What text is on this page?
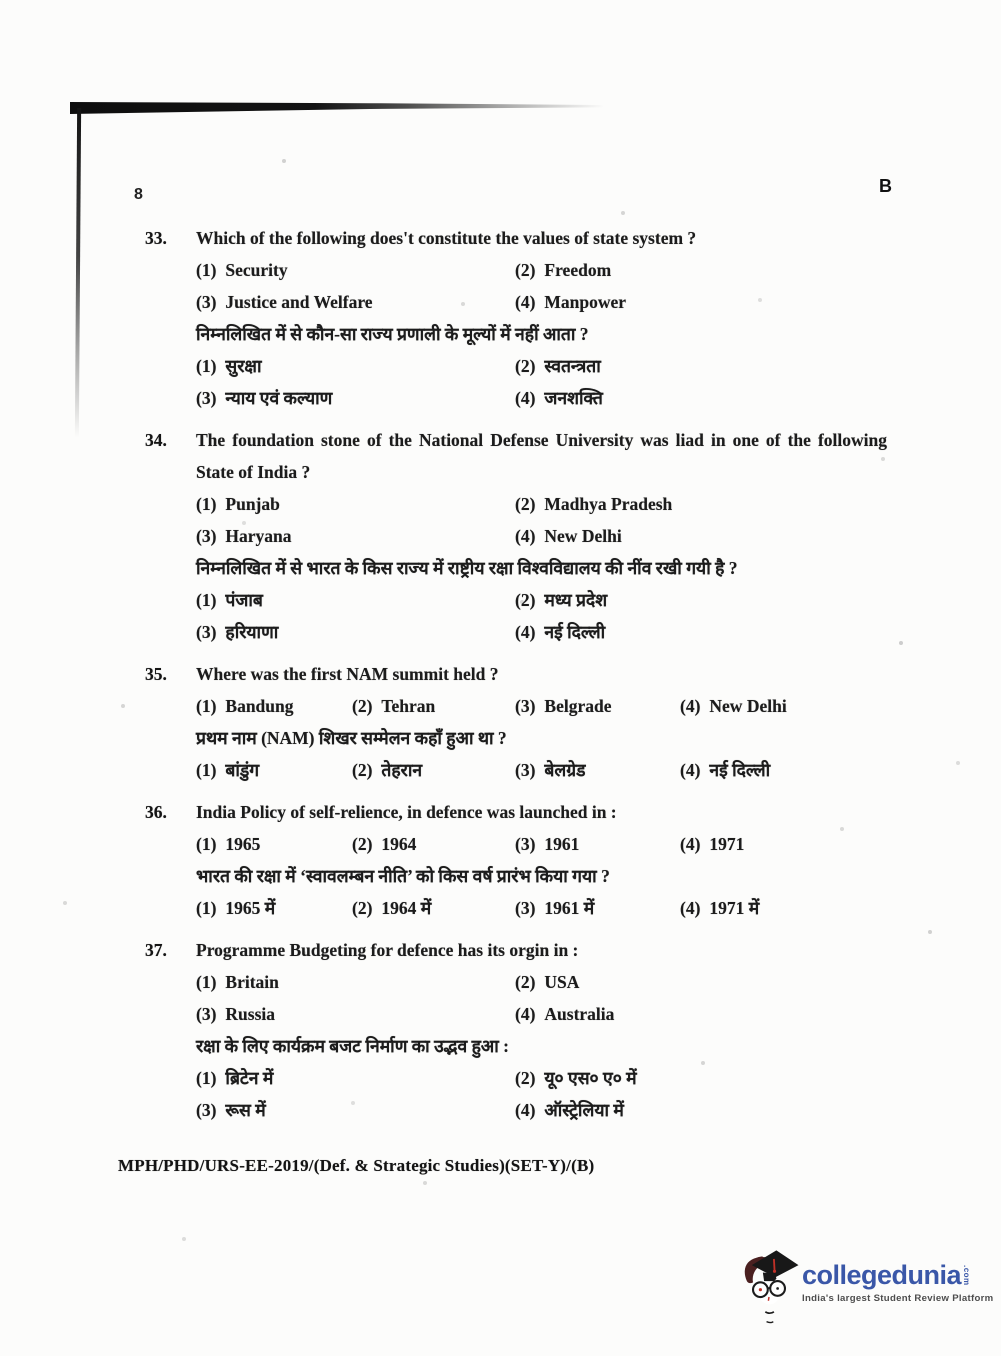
8	B
33.	Which of the following does't constitute the values of state system ?
(1) Security	(2) Freedom
(3) Justice and Welfare	(4) Manpower
निम्नलिखित में से कौन-सा राज्य प्रणाली के मूल्यों में नहीं आता ?
(1) सुरक्षा	(2) स्वतन्त्रता
(3) न्याय एवं कल्याण	(4) जनशक्ति
34.	The foundation stone of the National Defense University was liad in one of the following State of India ?
(1) Punjab	(2) Madhya Pradesh
(3) Haryana	(4) New Delhi
निम्नलिखित में से भारत के किस राज्य में राष्ट्रीय रक्षा विश्वविद्यालय की नींव रखी गयी है ?
(1) पंजाब	(2) मध्य प्रदेश
(3) हरियाणा	(4) नई दिल्ली
35.	Where was the first NAM summit held ?
(1) Bandung	(2) Tehran	(3) Belgrade	(4) New Delhi
प्रथम नाम (NAM) शिखर सम्मेलन कहाँ हुआ था ?
(1) बांडुंग	(2) तेहरान	(3) बेलग्रेड	(4) नई दिल्ली
36.	India Policy of self-relience, in defence was launched in :
(1) 1965	(2) 1964	(3) 1961	(4) 1971
भारत की रक्षा में ‘स्वावलम्बन नीति’ को किस वर्ष प्रारंभ किया गया ?
(1) 1965 में	(2) 1964 में	(3) 1961 में	(4) 1971 में
37.	Programme Budgeting for defence has its orgin in :
(1) Britain	(2) USA
(3) Russia	(4) Australia
रक्षा के लिए कार्यक्रम बजट निर्माण का उद्भव हुआ :
(1) ब्रिटेन में	(2) यू० एस० ए० में
(3) रूस में	(4) ऑस्ट्रेलिया में
MPH/PHD/URS-EE-2019/(Def. & Strategic Studies)(SET-Y)/(B)
collegedunia .com
India's largest Student Review Platform
